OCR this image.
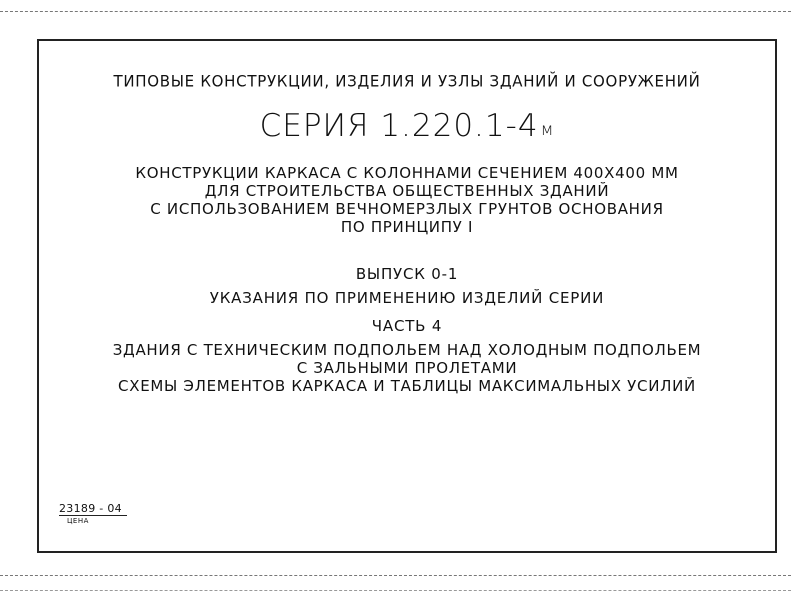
ТИПОВЫЕ КОНСТРУКЦИИ, ИЗДЕЛИЯ И УЗЛЫ ЗДАНИЙ И СООРУЖЕНИЙ
СЕРИЯ 1.220.1-4 м
КОНСТРУКЦИИ КАРКАСА С КОЛОННАМИ СЕЧЕНИЕМ 400Х400 ММ
ДЛЯ СТРОИТЕЛЬСТВА ОБЩЕСТВЕННЫХ ЗДАНИЙ
С ИСПОЛЬЗОВАНИЕМ ВЕЧНОМЕРЗЛЫХ ГРУНТОВ ОСНОВАНИЯ
ПО ПРИНЦИПУ I
ВЫПУСК 0-1
УКАЗАНИЯ ПО ПРИМЕНЕНИЮ ИЗДЕЛИЙ СЕРИИ
ЧАСТЬ 4
ЗДАНИЯ С ТЕХНИЧЕСКИМ ПОДПОЛЬЕМ НАД ХОЛОДНЫМ ПОДПОЛЬЕМ
С ЗАЛЬНЫМИ ПРОЛЕТАМИ
СХЕМЫ ЭЛЕМЕНТОВ КАРКАСА И ТАБЛИЦЫ МАКСИМАЛЬНЫХ УСИЛИЙ
23189 - 04
ЦЕНА
